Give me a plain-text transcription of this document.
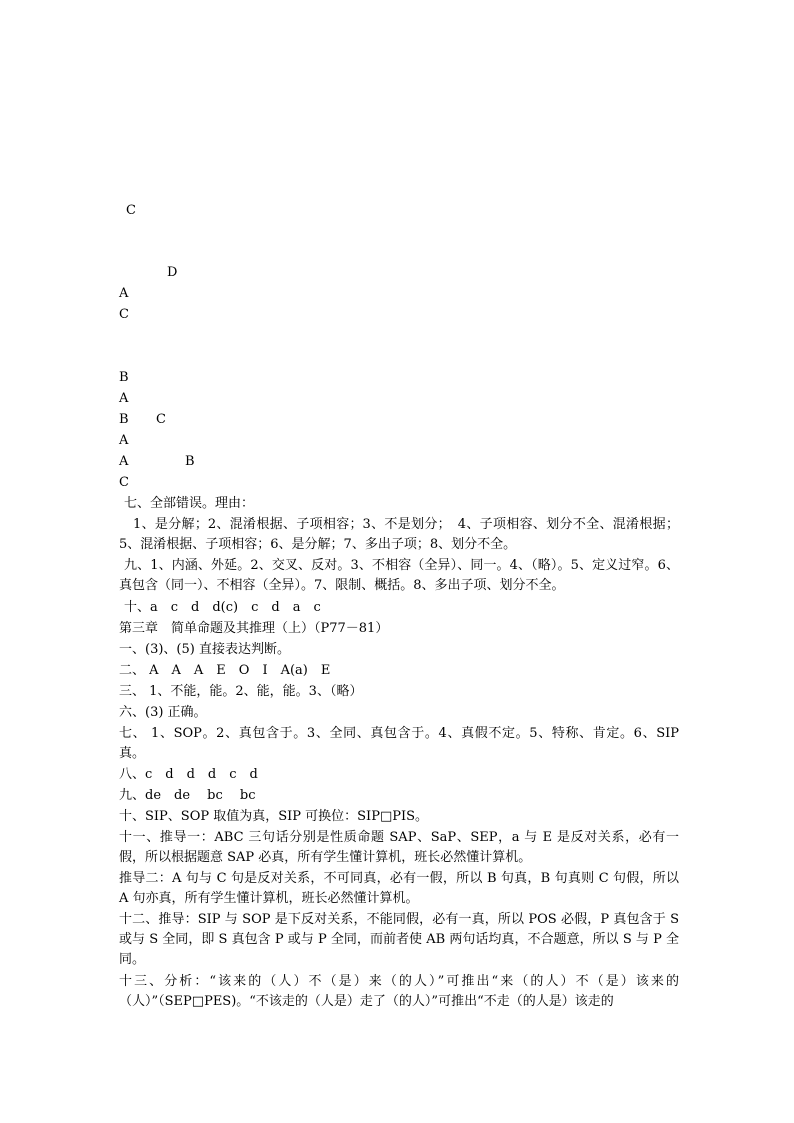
C
D
A
C
B
A
B C
A
A	B
C
七、全部错误。理由：
1、是分解；2、混淆根据、子项相容；3、不是划分；　4、子项相容、划分不全、混淆根据；5、混淆根据、子项相容；6、是分解；7、多出子项；8、划分不全。
九、1、内涵、外延。2、交叉、反对。3、不相容（全异）、同一。4、（略）。5、定义过窄。6、真包含（同一）、不相容（全异）。7、限制、概括。8、多出子项、划分不全。
十、a　c　d　d(c)　c　d　a　c
第三章　简单命题及其推理（上）（P77－81）
一、(3)、(5) 直接表达判断。
二、 A　A　A　E　O　I　A(a)　E
三、 1、不能，能。2、能，能。3、（略）
六、(3) 正确。
七、 1、SOP。2、真包含于。3、全同、真包含于。4、真假不定。5、特称、肯定。6、SIP 真。
八、c　d　d　d　c　d
九、de　de　 bc　 bc
十、SIP、SOP 取值为真，SIP 可换位：SIP□PIS。
十一、推导一：ABC 三句话分别是性质命题 SAP、SaP、SEP，a 与 E 是反对关系，必有一假，所以根据题意 SAP 必真，所有学生懂计算机，班长必然懂计算机。
推导二：A 句与 C 句是反对关系，不可同真，必有一假，所以 B 句真，B 句真则 C 句假，所以 A 句亦真，所有学生懂计算机，班长必然懂计算机。
十二、推导：SIP 与 SOP 是下反对关系，不能同假，必有一真，所以 POS 必假，P 真包含于 S 或与 S 全同，即 S 真包含 P 或与 P 全同，而前者使 AB 两句话均真，不合题意，所以 S 与 P 全同。
十三、分析：“该来的（人）不（是）来（的人）”可推出“来（的人）不（是）该来的（人）”（SEP□PES)。“不该走的（人是）走了（的人）”可推出“不走（的人是）该走的
